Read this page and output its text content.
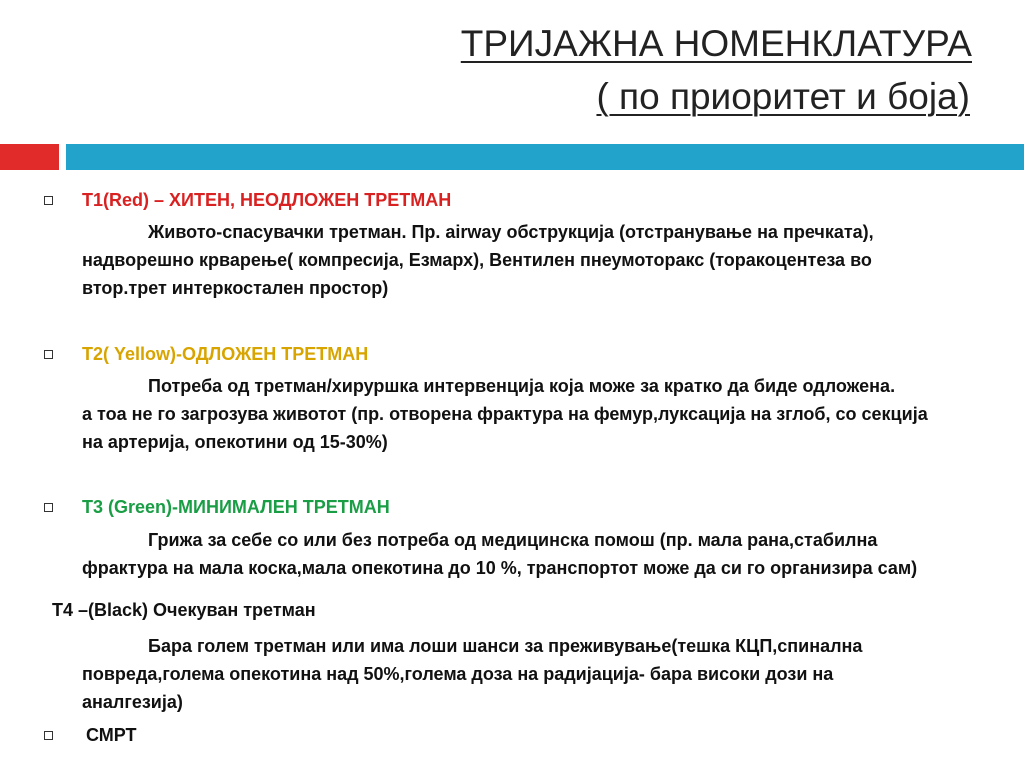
ТРИЈАЖНА НОМЕНКЛАТУРА
( по приоритет и боја)
Т1(Red) – ХИТЕН, НЕОДЛОЖЕН ТРЕТМАН
Живото-спасувачки третман. Пр. airway обструкција (отстранување на пречката),
надворешно крварење( компресија, Езмарх), Вентилен пнеумоторакс (торакоцентеза во
втор.трет интеркостален простор)
Т2( Yellow)-ОДЛОЖЕН ТРЕТМАН
Потреба од третман/хируршка интервенција која може за кратко да биде одложена.
а тоа не го загрозува животот (пр. отворена фрактура на фемур,луксација на зглоб, со секција
на артерија, опекотини од 15-30%)
Т3 (Green)-МИНИМАЛЕН ТРЕТМАН
Грижа за себе со или без потреба од медицинска помош (пр. мала рана,стабилна
фрактура на мала коска,мала опекотина до 10 %, транспортот може да си го организира сам)
Т4 –(Black) Очекуван третман
Бара голем третман или има лоши шанси за преживување(тешка КЦП,спинална
повреда,голема опекотина над 50%,голема доза на радијација- бара високи дози на
аналгезија)
СМРТ
